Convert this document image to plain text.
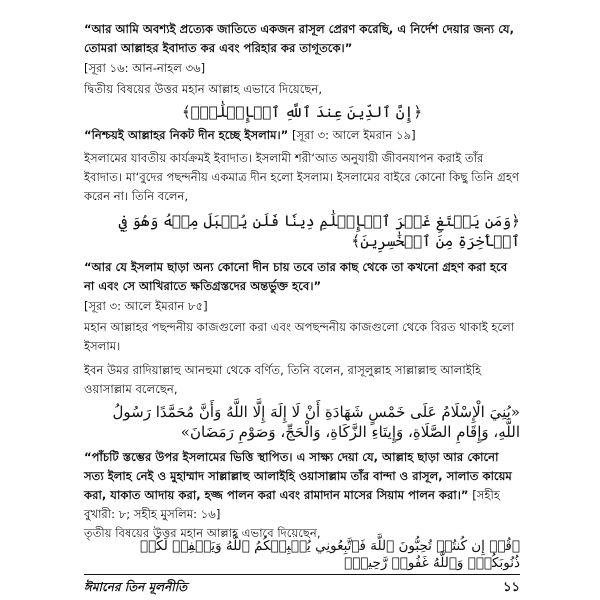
“আর আমি অবশ্যই প্রত্যেক জাতিতে একজন রাসূল প্রেরণ করেছি, এ নির্দেশ দেয়ার জন্য যে, তোমরা আল্লাহর ইবাদাত কর এবং পরিহার কর তাগূতকে।”
[সূরা ১৬: আন-নাহল ৩৬]
দ্বিতীয় বিষয়ের উত্তর মহান আল্লাহ এভাবে দিয়েছেন,
﴿إِنَّ ٱلدِّينَ عِندَ ٱللَّهِ ٱلۡإِسۡلَٰمُۗ﴾
“নিশ্চয়ই আল্লাহর নিকট দীন হচ্ছে ইসলাম।” [সূরা ৩: আলে ইমরান ১৯]
ইসলামের যাবতীয় কার্যক্রমই ইবাদাত। ইসলামী শরী‘আত অনুযায়ী জীবনযাপন করাই তাঁর ইবাদাত। মা‘বুদের পছন্দনীয় একমাত্র দীন হলো ইসলাম। ইসলামের বাইরে কোনো কিছু তিনি গ্রহণ করেন না। তিনি বলেন,
﴿وَمَن يَبۡتَغِ غَيۡرَ ٱلۡإِسۡلَٰمِ دِينٗا فَلَن يُقۡبَلَ مِنۡهُ وَهُوَ فِي ٱلۡأٓخِرَةِ مِنَ ٱلۡخَٰسِرِينَ﴾
“আর যে ইসলাম ছাড়া অন্য কোনো দীন চায় তবে তার কাছ থেকে তা কখনো গ্রহণ করা হবে না এবং সে আখিরাতে ক্ষতিগ্রস্তদের অন্তর্ভুক্ত হবে।”
[সূরা ৩: আলে ইমরান ৮৫]
মহান আল্লাহর পছন্দনীয় কাজগুলো করা এবং অপছন্দনীয় কাজগুলো থেকে বিরত থাকাই হলো ইসলাম।
ইবন উমর রাদিয়াল্লাহু আনহুমা থেকে বর্ণিত, তিনি বলেন, রাসূলুল্লাহ সাল্লাল্লাহু আলাইহি ওয়াসাল্লাম বলেছেন,
«بُنِيَ الْإِسْلَامُ عَلَى خَمْسٍ شَهَادَةِ أَنْ لَا إِلَهَ إِلَّا اللَّهُ وَأَنَّ مُحَمَّدًا رَسُولُ اللَّهِ، وَإِقَامِ الصَّلَاةِ، وَإِيتَاءِ الزَّكَاةِ، وَالْحَجِّ، وَصَوْمِ رَمَضَانَ»
“পাঁচটি স্তম্ভের উপর ইসলামের ভিত্তি স্থাপিত। এ সাক্ষ্য দেয়া যে, আল্লাহ ছাড়া আর কোনো সত্য ইলাহ নেই ও মুহাম্মাদ সাল্লাল্লাহু আলাইহি ওয়াসাল্লাম তাঁর বান্দা ও রাসূল, সালাত কায়েম করা, যাকাত আদায় করা, হজ্জ পালন করা এবং রামাদান মাসের সিয়াম পালন করা।” [সহীহ বুখারী: ৮; সহীহ মুসলিম: ১৬]
তৃতীয় বিষয়ের উত্তর মহান আল্লাহ এভাবে দিয়েছেন,
﴿قُلۡ إِن كُنتُمۡ تُحِبُّونَ ٱللَّهَ فَٱتَّبِعُونِي يُحۡبِبۡكُمُ ٱللَّهُ وَيَغۡفِرۡ لَكُمۡ ذُنُوبَكُمۡۚ وَٱللَّهُ غَفُورٞ رَّحِيمٞ﴾
ঈমানের তিন মূলনীতি	১১
